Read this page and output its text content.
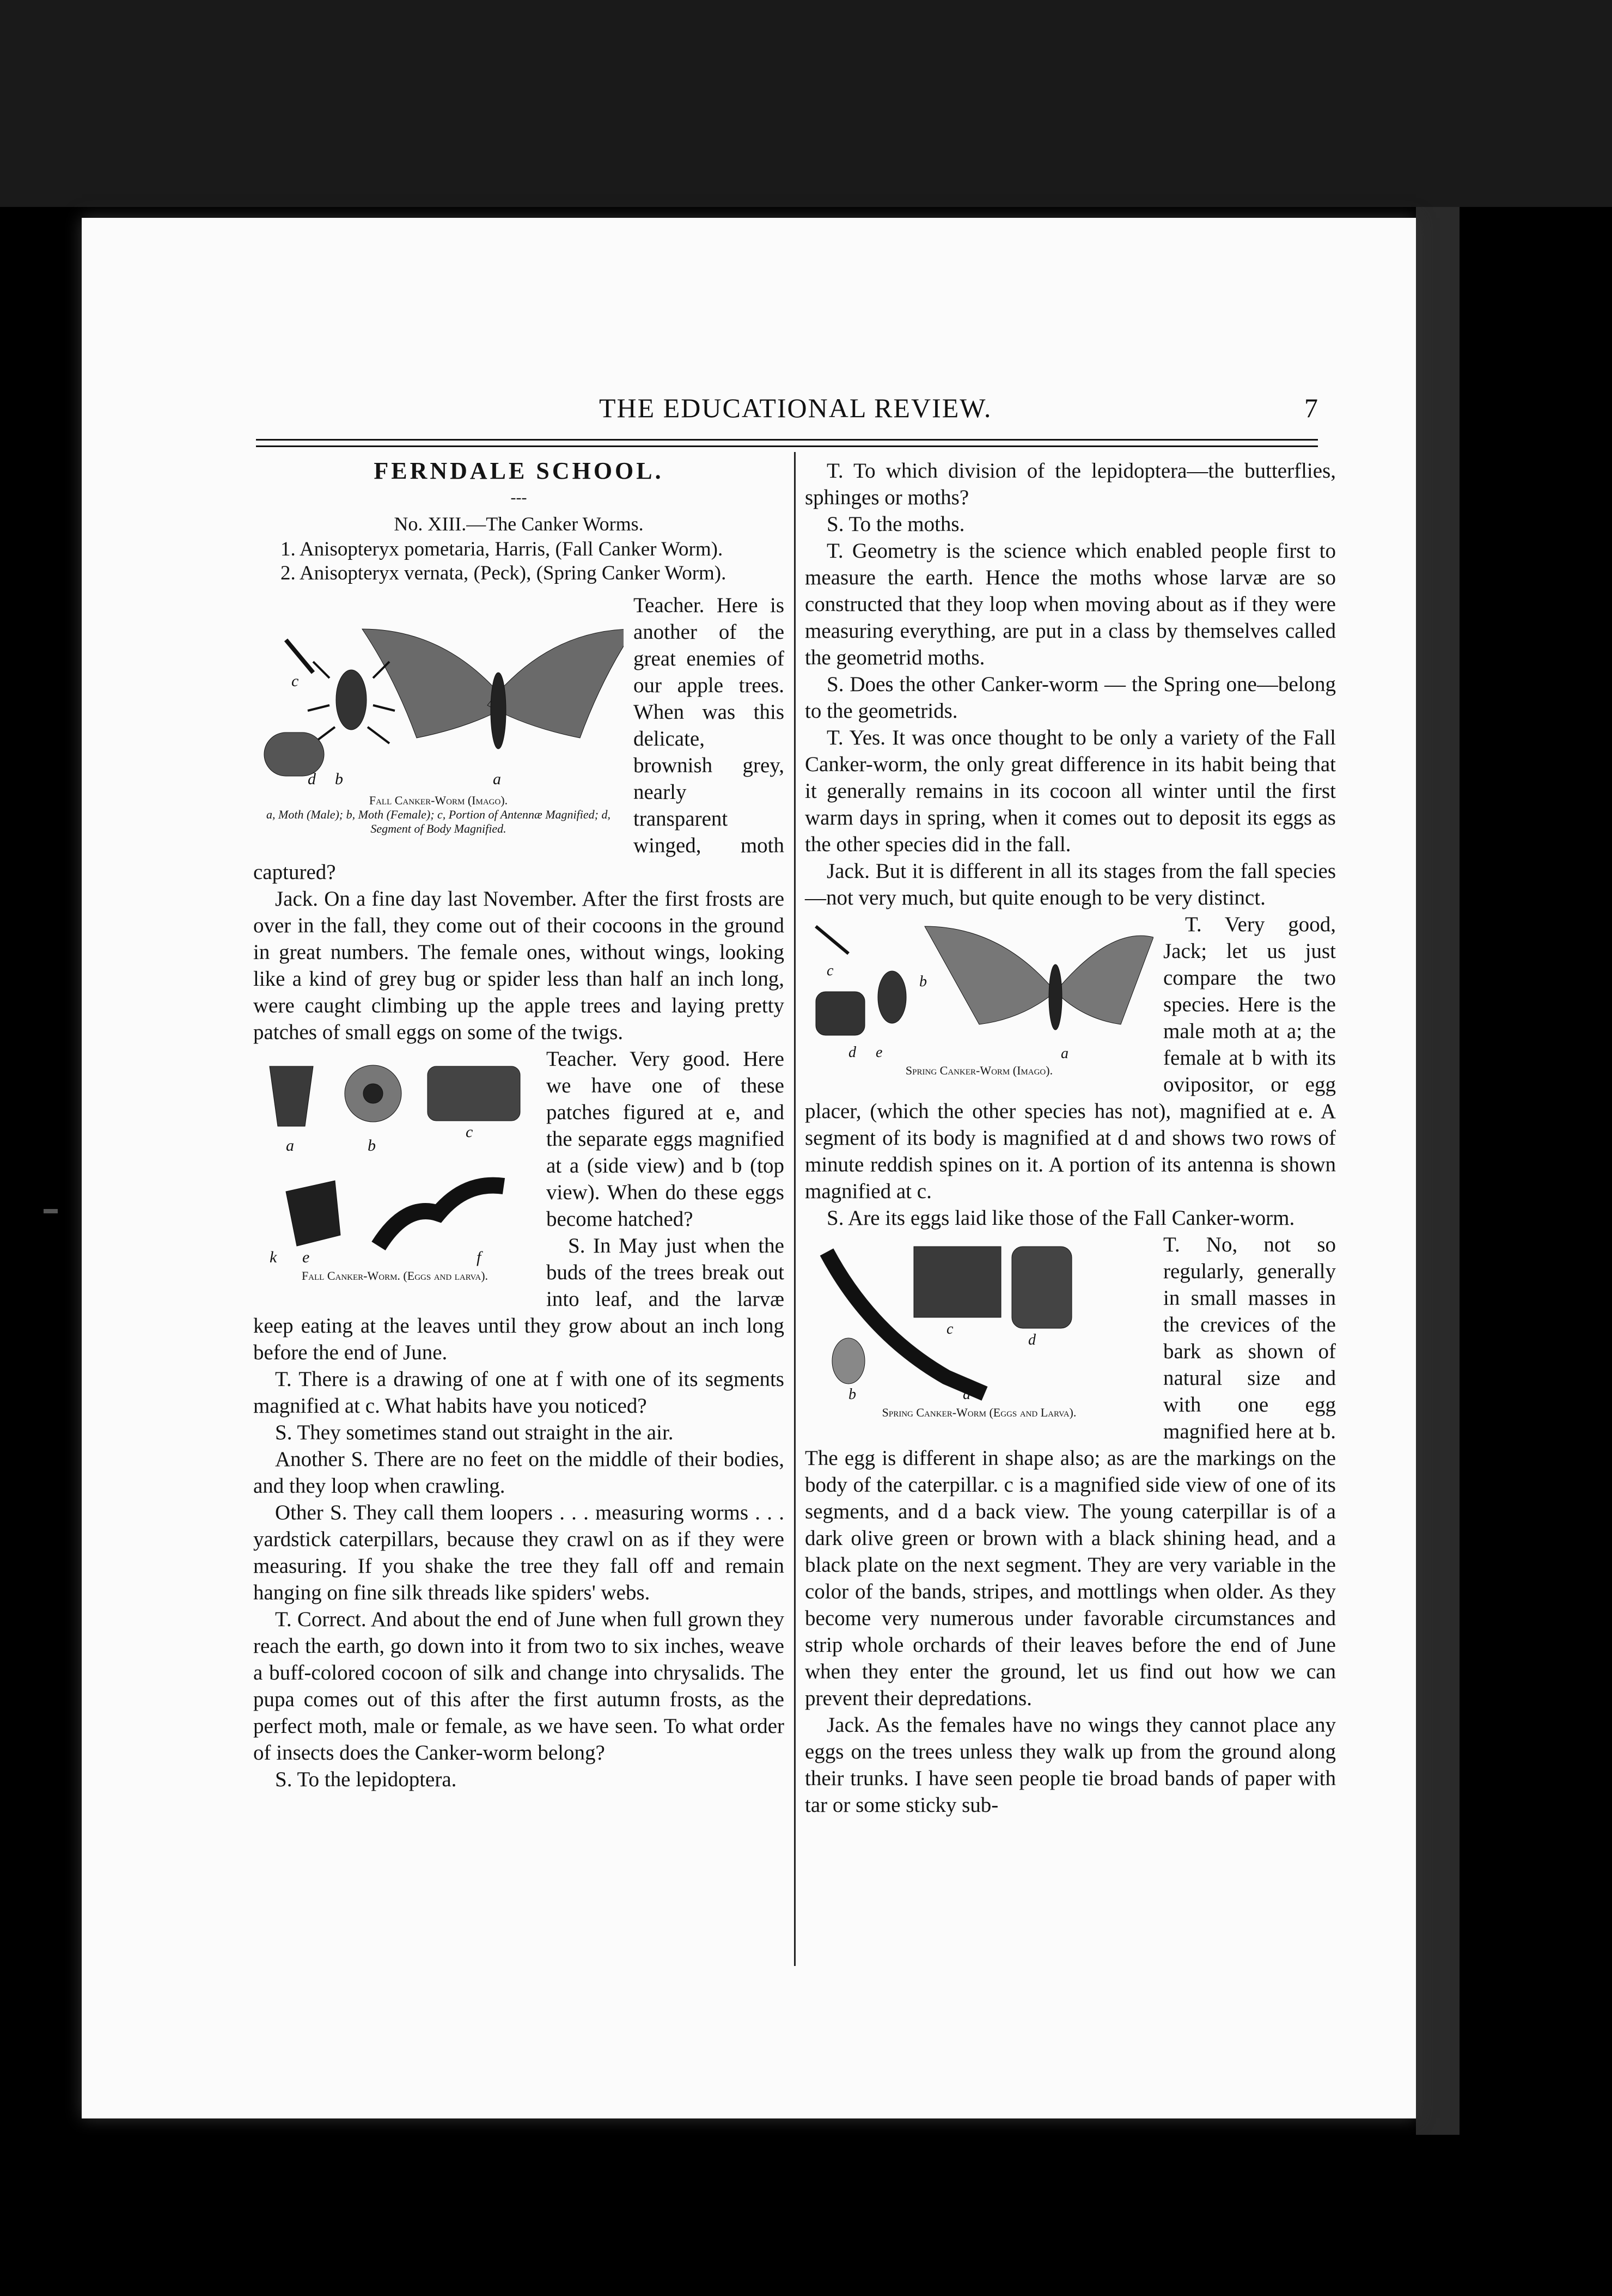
THE EDUCATIONAL REVIEW.	7

FERNDALE SCHOOL.

---

No. XIII.—The Canker Worms.

1. Anisopteryx pometaria, Harris, (Fall Canker Worm).

2. Anisopteryx vernata, (Peck), (Spring Canker Worm).

c
d b	a
Fall Canker-Worm (Imago).
a, Moth (Male); b, Moth (Female); c, Portion of Antennæ Magnified; d, Segment of Body Magnified.

Teacher. Here is another of the great enemies of our apple trees. When was this delicate, brownish grey, nearly transparent winged, moth captured?

Jack. On a fine day last November. After the first frosts are over in the fall, they come out of their cocoons in the ground in great numbers. The female ones, without wings, looking like a kind of grey bug or spider less than half an inch long, were caught climbing up the apple trees and laying pretty patches of small eggs on some of the twigs.

a	b
c
k e	f
Fall Canker-Worm. (Eggs and larva).

Teacher. Very good. Here we have one of these patches figured at e, and the separate eggs magnified at a (side view) and b (top view). When do these eggs become hatched?

S. In May just when the buds of the trees break out into leaf, and the larvæ keep eating at the leaves until they grow about an inch long before the end of June.

T. There is a drawing of one at f with one of its segments magnified at c. What habits have you noticed?

S. They sometimes stand out straight in the air.

Another S. There are no feet on the middle of their bodies, and they loop when crawling.

Other S. They call them loopers . . . measuring worms . . . yardstick caterpillars, because they crawl on as if they were measuring. If you shake the tree they fall off and remain hanging on fine silk threads like spiders' webs.

T. Correct. And about the end of June when full grown they reach the earth, go down into it from two to six inches, weave a buff-colored cocoon of silk and change into chrysalids. The pupa comes out of this after the first autumn frosts, as the perfect moth, male or female, as we have seen. To what order of insects does the Canker-worm belong?

S. To the lepidoptera.

T. To which division of the lepidoptera—the butterflies, sphinges or moths?

S. To the moths.

T. Geometry is the science which enabled people first to measure the earth. Hence the moths whose larvæ are so constructed that they loop when moving about as if they were measuring everything, are put in a class by themselves called the geometrid moths.

S. Does the other Canker-worm — the Spring one—belong to the geometrids.

T. Yes. It was once thought to be only a variety of the Fall Canker-worm, the only great difference in its habit being that it generally remains in its cocoon all winter until the first warm days in spring, when it comes out to deposit its eggs as the other species did in the fall.

Jack. But it is different in all its stages from the fall species—not very much, but quite enough to be very distinct.

c
b
d e	a
Spring Canker-Worm (Imago).

T. Very good, Jack; let us just compare the two species. Here is the male moth at a; the female at b with its ovipositor, or egg placer, (which the other species has not), magnified at e. A segment of its body is magnified at d and shows two rows of minute reddish spines on it. A portion of its antenna is shown magnified at c.

S. Are its eggs laid like those of the Fall Canker-worm.

c
d
b	a
Spring Canker-Worm (Eggs and Larva).

T. No, not so regularly, generally in small masses in the crevices of the bark as shown of natural size and with one egg magnified here at b. The egg is different in shape also; as are the markings on the body of the caterpillar. c is a magnified side view of one of its segments, and d a back view. The young caterpillar is of a dark olive green or brown with a black shining head, and a black plate on the next segment. They are very variable in the color of the bands, stripes, and mottlings when older. As they become very numerous under favorable circumstances and strip whole orchards of their leaves before the end of June when they enter the ground, let us find out how we can prevent their depredations.

Jack. As the females have no wings they cannot place any eggs on the trees unless they walk up from the ground along their trunks. I have seen people tie broad bands of paper with tar or some sticky sub-
